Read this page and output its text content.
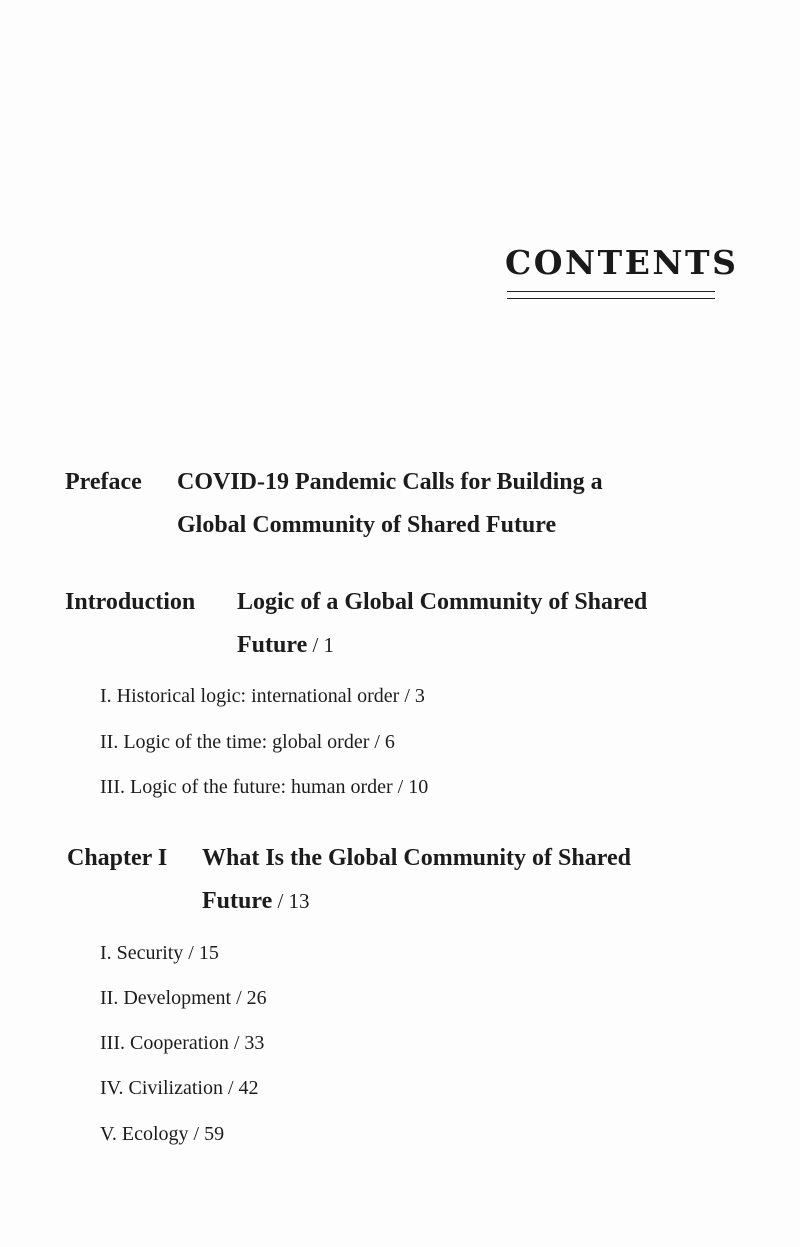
CONTENTS
Preface COVID-19 Pandemic Calls for Building a
Global Community of Shared Future
Introduction Logic of a Global Community of Shared
Future / 1
I. Historical logic: international order / 3
II. Logic of the time: global order / 6
III. Logic of the future: human order / 10
Chapter I What Is the Global Community of Shared
Future / 13
I. Security / 15
II. Development / 26
III. Cooperation / 33
IV. Civilization / 42
V. Ecology / 59
